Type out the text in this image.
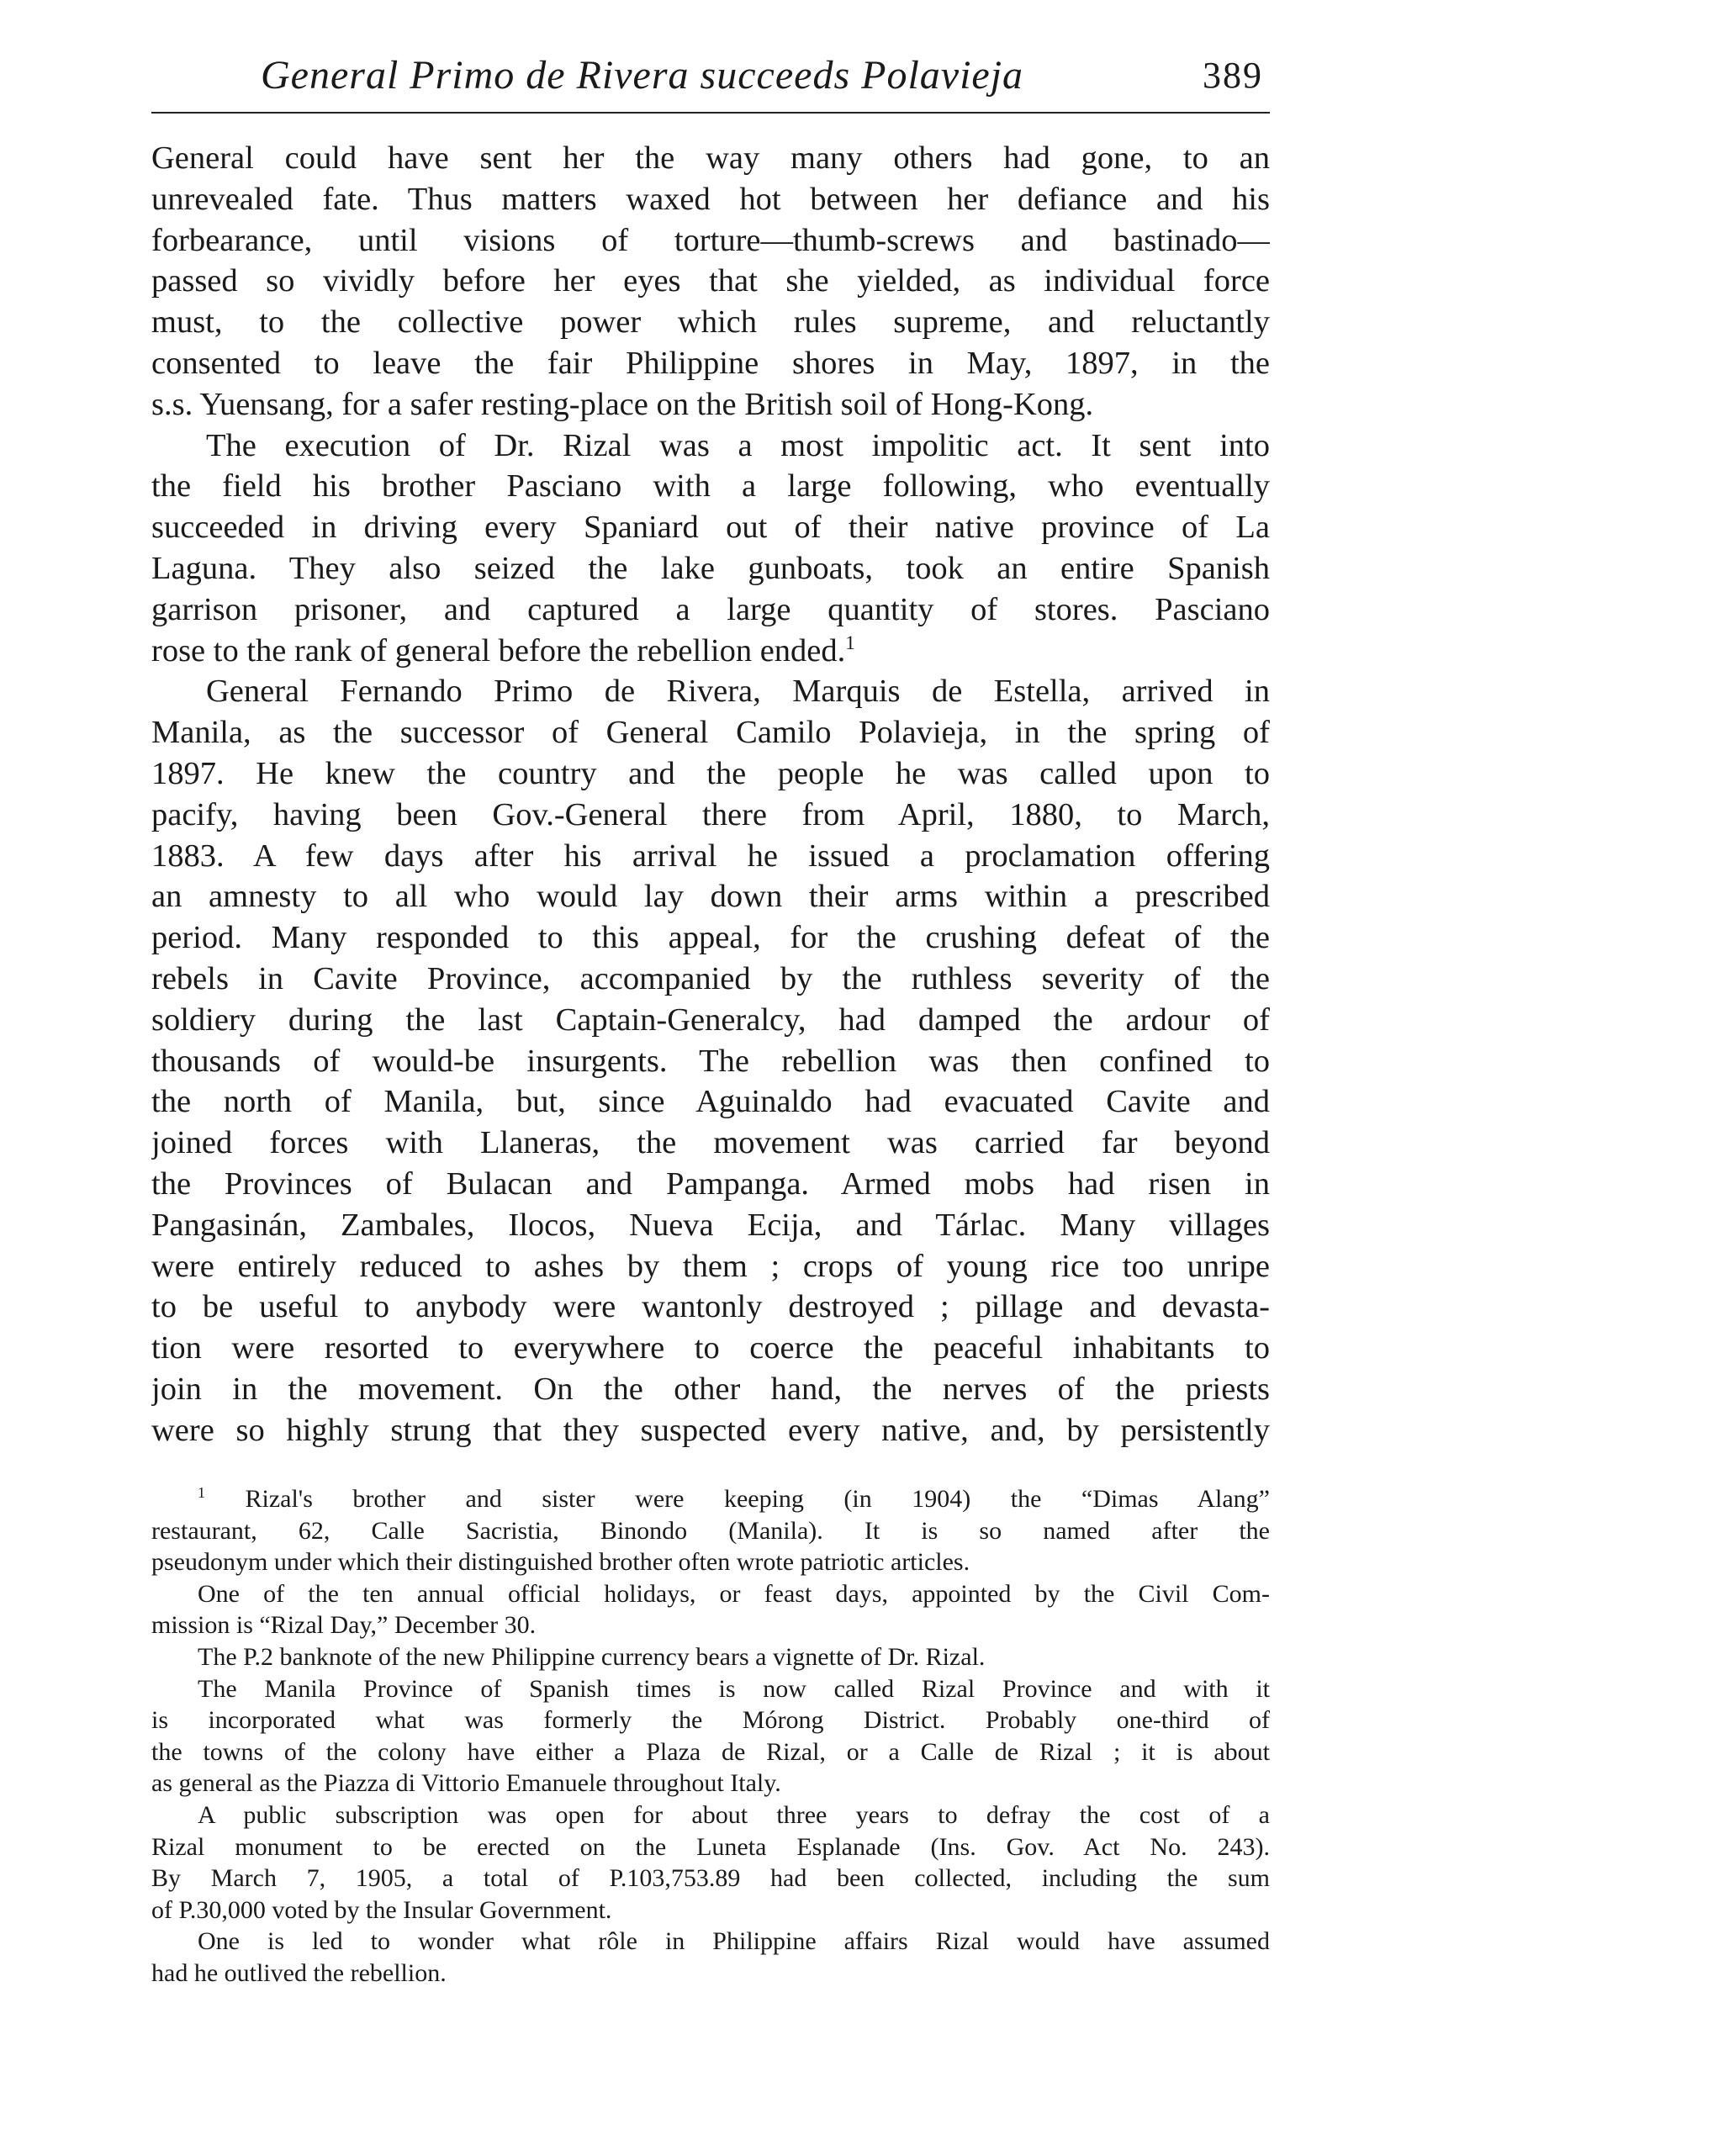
General Primo de Rivera succeeds Polavieja	389
General could have sent her the way many others had gone, to an
unrevealed fate. Thus matters waxed hot between her defiance and his
forbearance, until visions of torture—thumb-screws and bastinado—
passed so vividly before her eyes that she yielded, as individual force
must, to the collective power which rules supreme, and reluctantly
consented to leave the fair Philippine shores in May, 1897, in the
s.s. Yuensang, for a safer resting-place on the British soil of Hong-Kong.
The execution of Dr. Rizal was a most impolitic act. It sent into
the field his brother Pasciano with a large following, who eventually
succeeded in driving every Spaniard out of their native province of La
Laguna. They also seized the lake gunboats, took an entire Spanish
garrison prisoner, and captured a large quantity of stores. Pasciano
rose to the rank of general before the rebellion ended.$^1$
General Fernando Primo de Rivera, Marquis de Estella, arrived in
Manila, as the successor of General Camilo Polavieja, in the spring of
1897. He knew the country and the people he was called upon to
pacify, having been Gov.-General there from April, 1880, to March,
1883. A few days after his arrival he issued a proclamation offering
an amnesty to all who would lay down their arms within a prescribed
period. Many responded to this appeal, for the crushing defeat of the
rebels in Cavite Province, accompanied by the ruthless severity of the
soldiery during the last Captain-Generalcy, had damped the ardour of
thousands of would-be insurgents. The rebellion was then confined to
the north of Manila, but, since Aguinaldo had evacuated Cavite and
joined forces with Llaneras, the movement was carried far beyond
the Provinces of Bulacan and Pampanga. Armed mobs had risen in
Pangasinán, Zambales, Ilocos, Nueva Ecija, and Tárlac. Many villages
were entirely reduced to ashes by them ; crops of young rice too unripe
to be useful to anybody were wantonly destroyed ; pillage and devasta-
tion were resorted to everywhere to coerce the peaceful inhabitants to
join in the movement. On the other hand, the nerves of the priests
were so highly strung that they suspected every native, and, by persistently
$^1$ Rizal's brother and sister were keeping (in 1904) the “Dimas Alang”
restaurant, 62, Calle Sacristia, Binondo (Manila). It is so named after the
pseudonym under which their distinguished brother often wrote patriotic articles.
One of the ten annual official holidays, or feast days, appointed by the Civil Com-
mission is “Rizal Day,” December 30.
The P.2 banknote of the new Philippine currency bears a vignette of Dr. Rizal.
The Manila Province of Spanish times is now called Rizal Province and with it
is incorporated what was formerly the Mórong District. Probably one-third of
the towns of the colony have either a Plaza de Rizal, or a Calle de Rizal ; it is about
as general as the Piazza di Vittorio Emanuele throughout Italy.
A public subscription was open for about three years to defray the cost of a
Rizal monument to be erected on the Luneta Esplanade (Ins. Gov. Act No. 243).
By March 7, 1905, a total of P.103,753.89 had been collected, including the sum
of P.30,000 voted by the Insular Government.
One is led to wonder what rôle in Philippine affairs Rizal would have assumed
had he outlived the rebellion.
